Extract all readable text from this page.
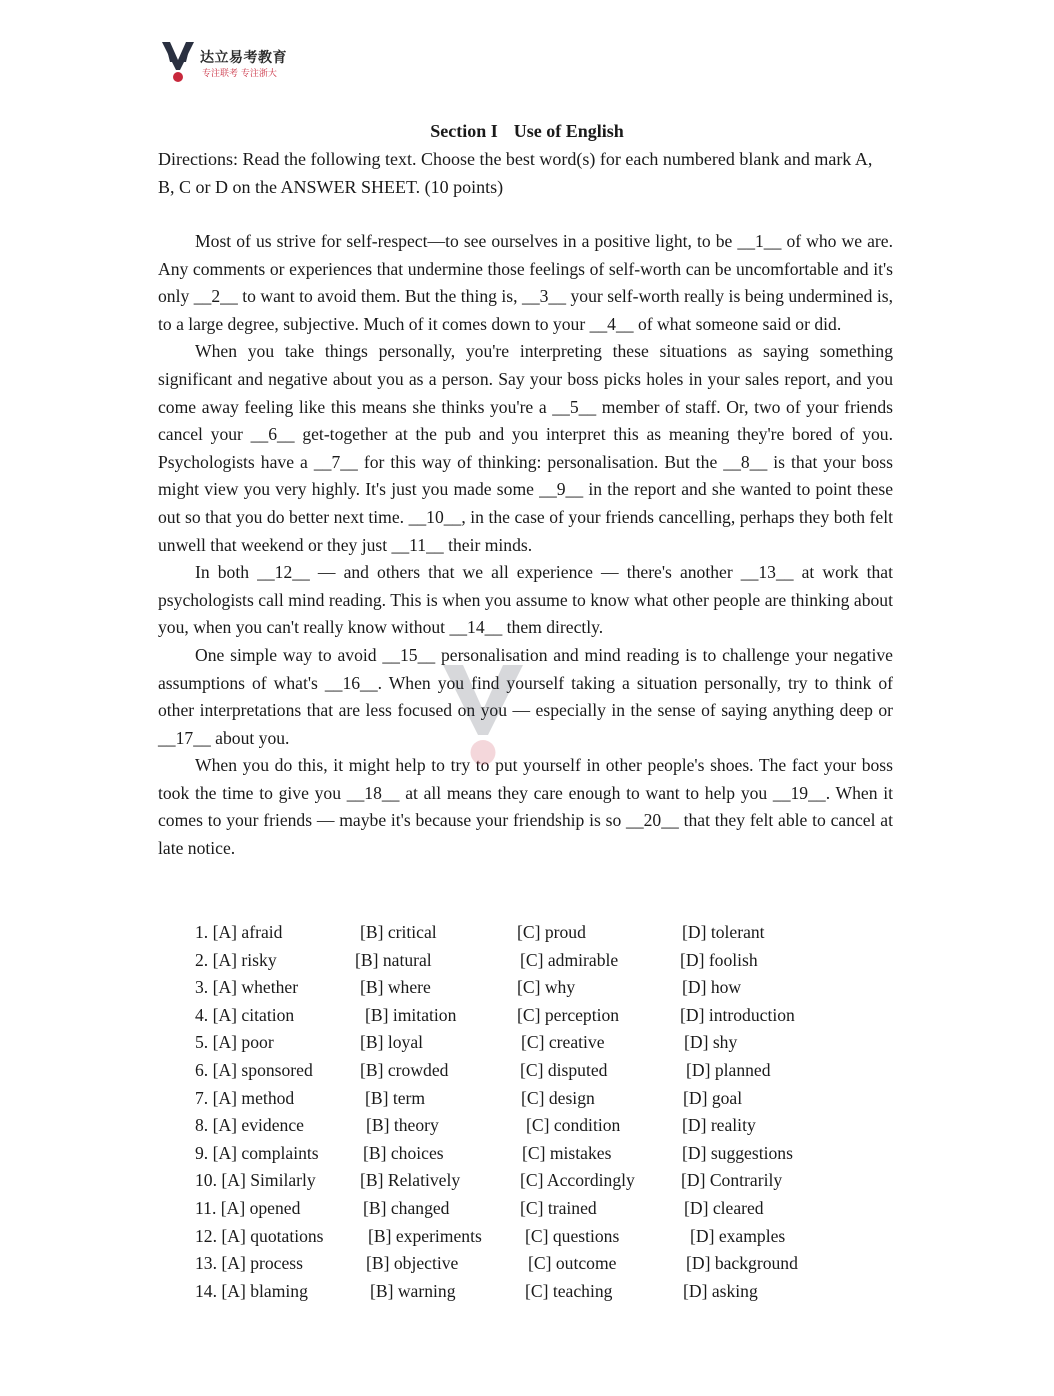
达立易考教育
专注联考 专注浙大
Section I Use of English
Directions: Read the following text. Choose the best word(s) for each numbered blank and mark A,
B, C or D on the ANSWER SHEET. (10 points)

Most of us strive for self-respect—to see ourselves in a positive light, to be __1__ of who we are. Any comments or experiences that undermine those feelings of self-worth can be uncomfortable and it's only __2__ to want to avoid them. But the thing is, __3__ your self-worth really is being undermined is, to a large degree, subjective. Much of it comes down to your __4__ of what someone said or did.

When you take things personally, you're interpreting these situations as saying something significant and negative about you as a person. Say your boss picks holes in your sales report, and you come away feeling like this means she thinks you're a __5__ member of staff. Or, two of your friends cancel your __6__ get-together at the pub and you interpret this as meaning they're bored of you. Psychologists have a __7__ for this way of thinking: personalisation. But the __8__ is that your boss might view you very highly. It's just you made some __9__ in the report and she wanted to point these out so that you do better next time. __10__, in the case of your friends cancelling, perhaps they both felt unwell that weekend or they just __11__ their minds.

In both __12__ — and others that we all experience — there's another __13__ at work that psychologists call mind reading. This is when you assume to know what other people are thinking about you, when you can't really know without __14__ them directly.

One simple way to avoid __15__ personalisation and mind reading is to challenge your negative assumptions of what's __16__. When you find yourself taking a situation personally, try to think of other interpretations that are less focused on you — especially in the sense of saying anything deep or __17__ about you.

When you do this, it might help to try to put yourself in other people's shoes. The fact your boss took the time to give you __18__ at all means they care enough to want to help you __19__. When it comes to your friends — maybe it's because your friendship is so __20__ that they felt able to cancel at late notice.

1. [A] afraid	[B] critical	[C] proud	[D] tolerant
2. [A] risky	[B] natural	[C] admirable	[D] foolish
3. [A] whether	[B] where	[C] why	[D] how
4. [A] citation	[B] imitation	[C] perception	[D] introduction
5. [A] poor	[B] loyal	[C] creative	[D] shy
6. [A] sponsored	[B] crowded	[C] disputed	[D] planned
7. [A] method	[B] term	[C] design	[D] goal
8. [A] evidence	[B] theory	[C] condition	[D] reality
9. [A] complaints	[B] choices	[C] mistakes	[D] suggestions
10. [A] Similarly	[B] Relatively	[C] Accordingly	[D] Contrarily
11. [A] opened	[B] changed	[C] trained	[D] cleared
12. [A] quotations	[B] experiments [C] questions	[D] examples
13. [A] process	[B] objective	[C] outcome	[D] background
14. [A] blaming	[B] warning	[C] teaching	[D] asking
